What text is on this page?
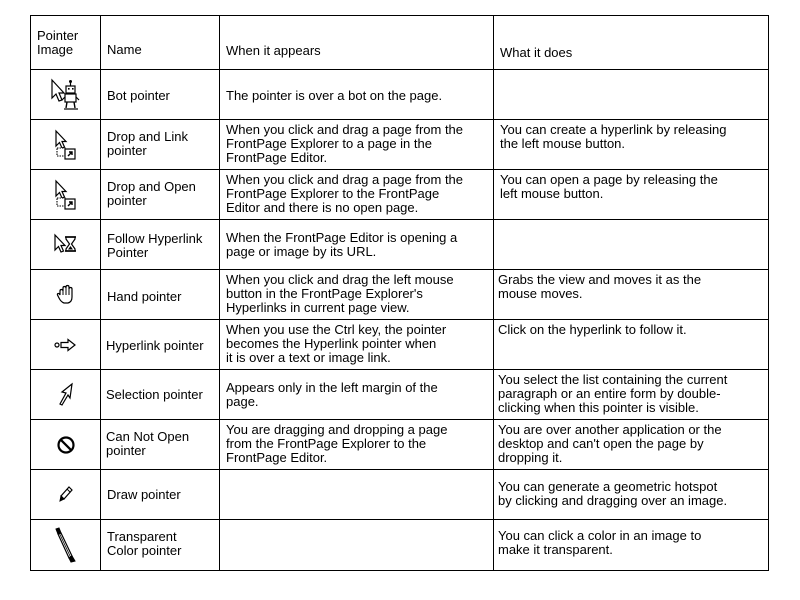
Pointer
Image	Name	When it appears	What it does

Bot pointer	The pointer is over a bot on the page.	

Drop and Link
pointer	When you click and drag a page from the
FrontPage Explorer to a page in the
FrontPage Editor.	You can create a hyperlink by releasing
the left mouse button.

Drop and Open
pointer	When you click and drag a page from the
FrontPage Explorer to the FrontPage
Editor and there is no open page.	You can open a page by releasing the
left mouse button.

Follow Hyperlink
Pointer	When the FrontPage Editor is opening a
page or image by its URL.	

Hand pointer	When you click and drag the left mouse
button in the FrontPage Explorer's
Hyperlinks in current page view.	Grabs the view and moves it as the
mouse moves.

Hyperlink pointer	When you use the Ctrl key, the pointer
becomes the Hyperlink pointer when
it is over a text or image link.	Click on the hyperlink to follow it.

Selection pointer	Appears only in the left margin of the
page.	You select the list containing the current
paragraph or an entire form by double-
clicking when this pointer is visible.

Can Not Open
pointer	You are dragging and dropping a page
from the FrontPage Explorer to the
FrontPage Editor.	You are over another application or the
desktop and can't open the page by
dropping it.

Draw pointer		You can generate a geometric hotspot
by clicking and dragging over an image.

Transparent
Color pointer		You can click a color in an image to
make it transparent.
